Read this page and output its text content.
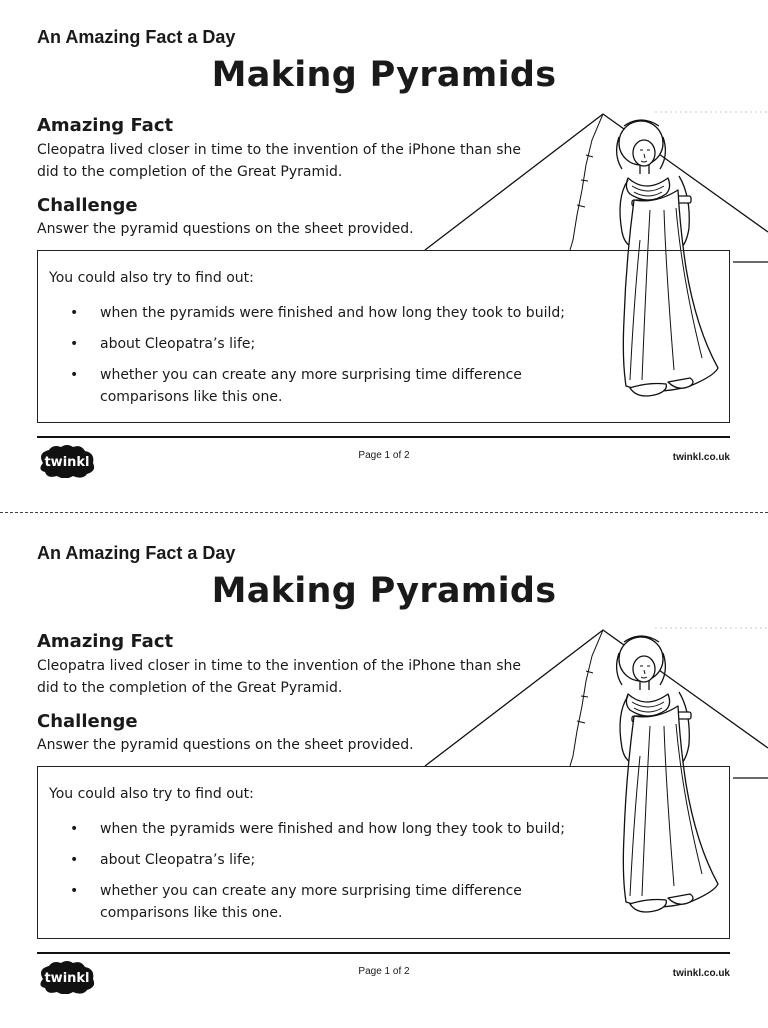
An Amazing Fact a Day
Making Pyramids
Amazing Fact
Cleopatra lived closer in time to the invention of the iPhone than she did to the completion of the Great Pyramid.
Challenge
Answer the pyramid questions on the sheet provided.
You could also try to find out:
• when the pyramids were finished and how long they took to build;
• about Cleopatra’s life;
• whether you can create any more surprising time difference comparisons like this one.
twinkl	Page 1 of 2	twinkl.co.uk
An Amazing Fact a Day
Making Pyramids
Amazing Fact
Cleopatra lived closer in time to the invention of the iPhone than she did to the completion of the Great Pyramid.
Challenge
Answer the pyramid questions on the sheet provided.
You could also try to find out:
• when the pyramids were finished and how long they took to build;
• about Cleopatra’s life;
• whether you can create any more surprising time difference comparisons like this one.
twinkl	Page 1 of 2	twinkl.co.uk
